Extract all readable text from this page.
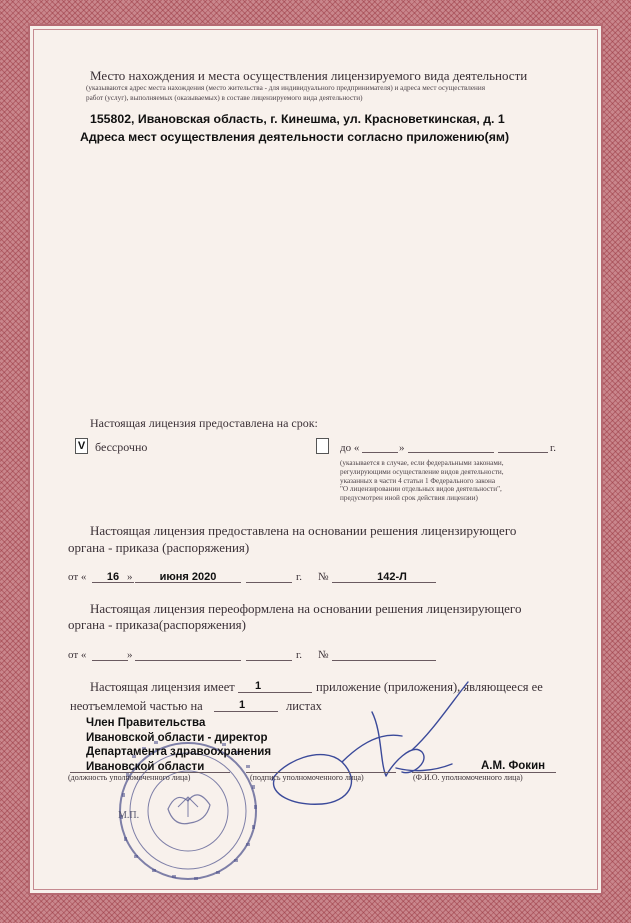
Место нахождения и места осуществления лицензируемого вида деятельности
(указываются адрес места нахождения (место жительства - для индивидуального предпринимателя) и адреса мест осуществления
работ (услуг), выполняемых (оказываемых) в составе лицензируемого вида деятельности)
155802, Ивановская область, г. Кинешма, ул. Красноветкинская, д. 1
Адреса мест осуществления деятельности согласно приложению(ям)
Настоящая лицензия предоставлена на срок:
V бессрочно	до «	»	г.
(указывается в случае, если федеральными законами,
регулирующими осуществление видов деятельности,
указанных в части 4 статьи 1 Федерального закона
"О лицензировании отдельных видов деятельности",
предусмотрен иной срок действия лицензии)
Настоящая лицензия предоставлена на основании решения лицензирующего
органа - приказа (распоряжения)
от «	16 »	июня 2020	г. №	142-Л
Настоящая лицензия переоформлена на основании решения лицензирующего
органа - приказа(распоряжения)
от «	»	г. №
Настоящая лицензия имеет	1	приложение (приложения), являющееся ее
неотъемлемой частью на	1	листах
М.П.
Член Правительства
Ивановской области - директор
Департамента здравоохранения
Ивановской области	А.М. Фокин
(должность уполномоченного лица)	(подпись уполномоченного лица)	(Ф.И.О. уполномоченного лица)
